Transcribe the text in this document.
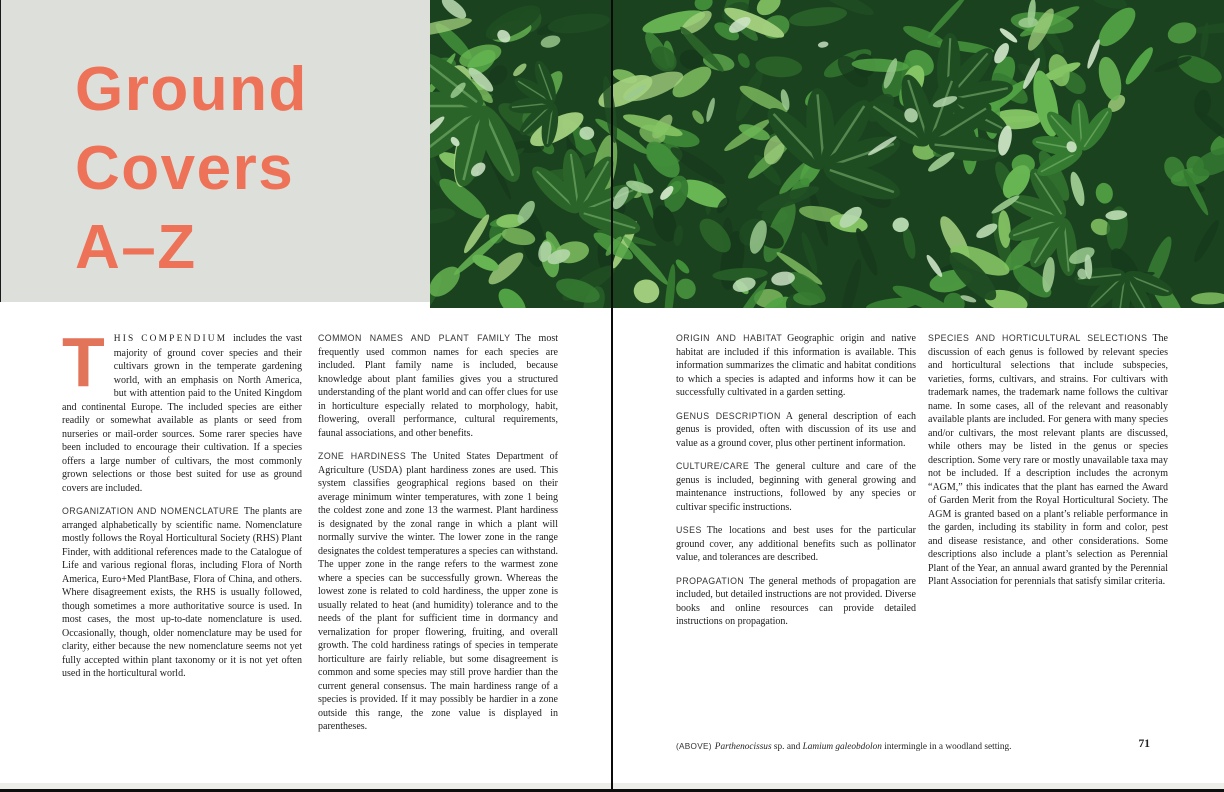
Ground
Covers
A–Z

THIS COMPENDIUM includes the vast majority of ground cover species and their cultivars grown in the temperate gardening world, with an emphasis on North America, but with attention paid to the United Kingdom and continental Europe. The included species are either readily or somewhat available as plants or seed from nurseries or mail-order sources. Some rarer species have been included to encourage their cultivation. If a species offers a large number of cultivars, the most commonly grown selections or those best suited for use as ground covers are included.

ORGANIZATION AND NOMENCLATURE The plants are arranged alphabetically by scientific name. Nomenclature mostly follows the Royal Horticultural Society (RHS) Plant Finder, with additional references made to the Catalogue of Life and various regional floras, including Flora of North America, Euro+Med PlantBase, Flora of China, and others. Where disagreement exists, the RHS is usually followed, though sometimes a more authoritative source is used. In most cases, the most up-to-date nomenclature is used. Occasionally, though, older nomenclature may be used for clarity, either because the new nomenclature seems not yet fully accepted within plant taxonomy or it is not yet often used in the horticultural world.

COMMON NAMES AND PLANT FAMILY The most frequently used common names for each species are included. Plant family name is included, because knowledge about plant families gives you a structured understanding of the plant world and can offer clues for use in horticulture especially related to morphology, habit, flowering, overall performance, cultural requirements, faunal associations, and other benefits.

ZONE HARDINESS The United States Department of Agriculture (USDA) plant hardiness zones are used. This system classifies geographical regions based on their average minimum winter temperatures, with zone 1 being the coldest zone and zone 13 the warmest. Plant hardiness is designated by the zonal range in which a plant will normally survive the winter. The lower zone in the range designates the coldest temperatures a species can withstand. The upper zone in the range refers to the warmest zone where a species can be successfully grown. Whereas the lowest zone is related to cold hardiness, the upper zone is usually related to heat (and humidity) tolerance and to the needs of the plant for sufficient time in dormancy and vernalization for proper flowering, fruiting, and overall growth. The cold hardiness ratings of species in temperate horticulture are fairly reliable, but some disagreement is common and some species may still prove hardier than the current general consensus. The main hardiness range of a species is provided. If it may possibly be hardier in a zone outside this range, the zone value is displayed in parentheses.

ORIGIN AND HABITAT Geographic origin and native habitat are included if this information is available. This information summarizes the climatic and habitat conditions to which a species is adapted and informs how it can be successfully cultivated in a garden setting.

GENUS DESCRIPTION A general description of each genus is provided, often with discussion of its use and value as a ground cover, plus other pertinent information.

CULTURE/CARE The general culture and care of the genus is included, beginning with general growing and maintenance instructions, followed by any species or cultivar specific instructions.

USES The locations and best uses for the particular ground cover, any additional benefits such as pollinator value, and tolerances are described.

PROPAGATION The general methods of propagation are included, but detailed instructions are not provided. Diverse books and online resources can provide detailed instructions on propagation.

SPECIES AND HORTICULTURAL SELECTIONS The discussion of each genus is followed by relevant species and horticultural selections that include subspecies, varieties, forms, cultivars, and strains. For cultivars with trademark names, the trademark name follows the cultivar name. In some cases, all of the relevant and reasonably available plants are included. For genera with many species and/or cultivars, the most relevant plants are discussed, while others may be listed in the genus or species description. Some very rare or mostly unavailable taxa may not be included. If a description includes the acronym “AGM,” this indicates that the plant has earned the Award of Garden Merit from the Royal Horticultural Society. The AGM is granted based on a plant’s reliable performance in the garden, including its stability in form and color, pest and disease resistance, and other considerations. Some descriptions also include a plant’s selection as Perennial Plant of the Year, an annual award granted by the Perennial Plant Association for perennials that satisfy similar criteria.

(ABOVE) Parthenocissus sp. and Lamium galeobdolon intermingle in a woodland setting.	71
